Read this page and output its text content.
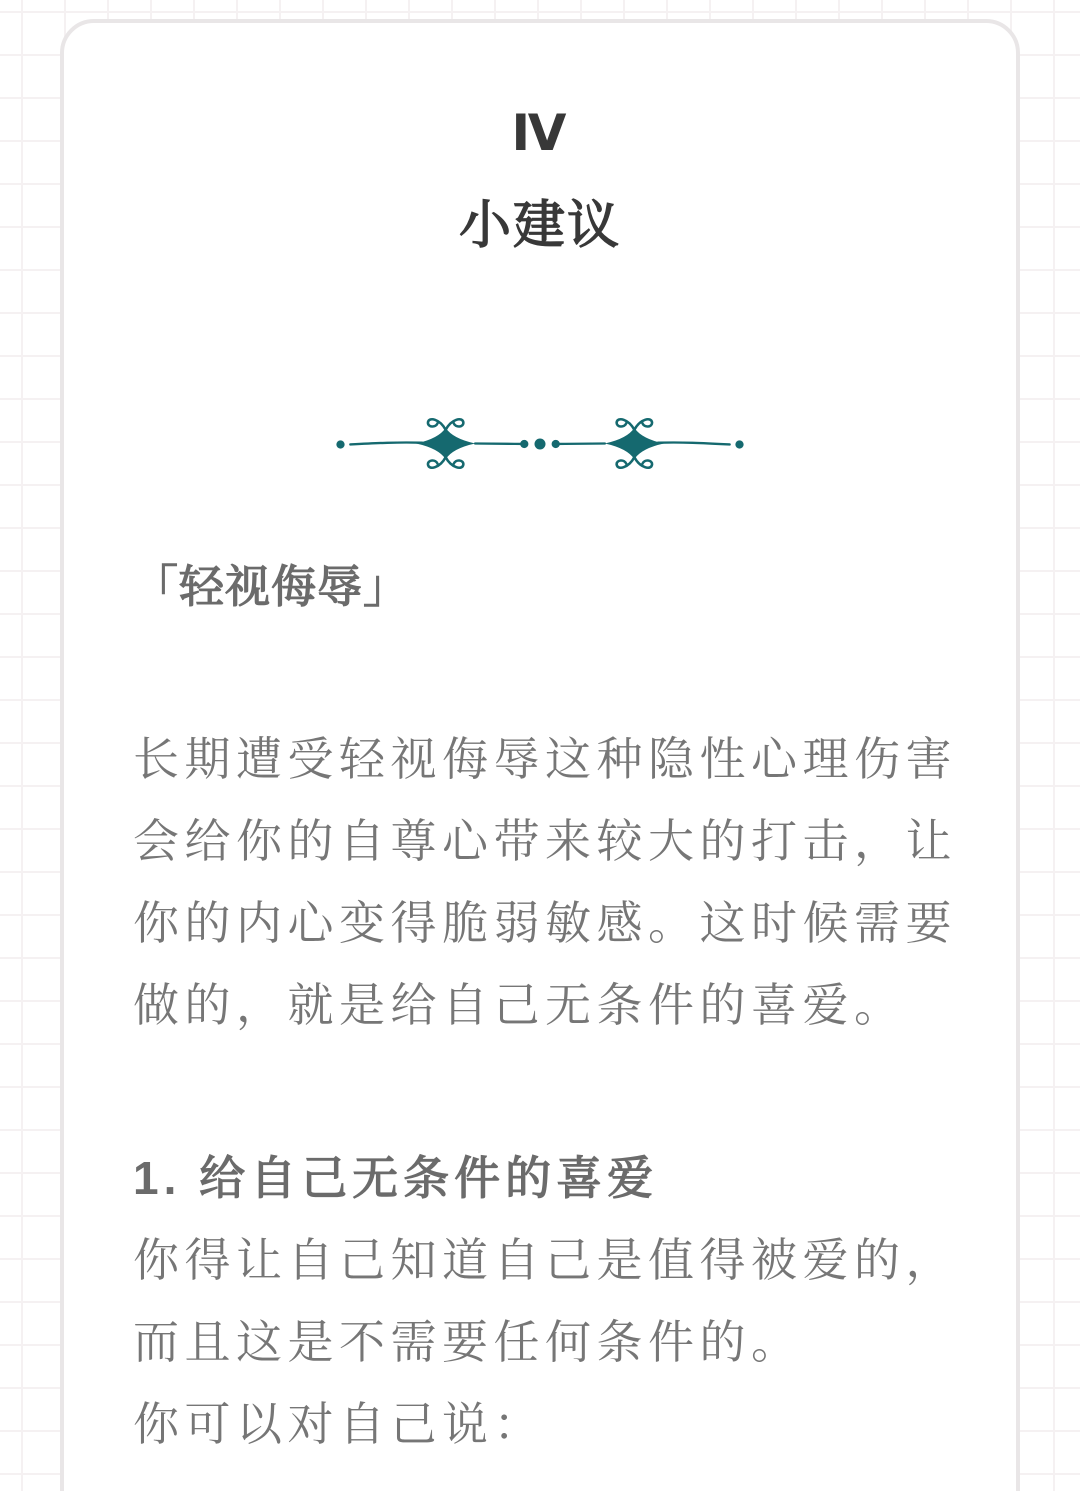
Ⅳ
小建议
「轻视侮辱」
长期遭受轻视侮辱这种隐性心理伤害
会给你的自尊心带来较大的打击，让
你的内心变得脆弱敏感。这时候需要
做的，就是给自己无条件的喜爱。
1. 给自己无条件的喜爱
你得让自己知道自己是值得被爱的，
而且这是不需要任何条件的。
你可以对自己说：
